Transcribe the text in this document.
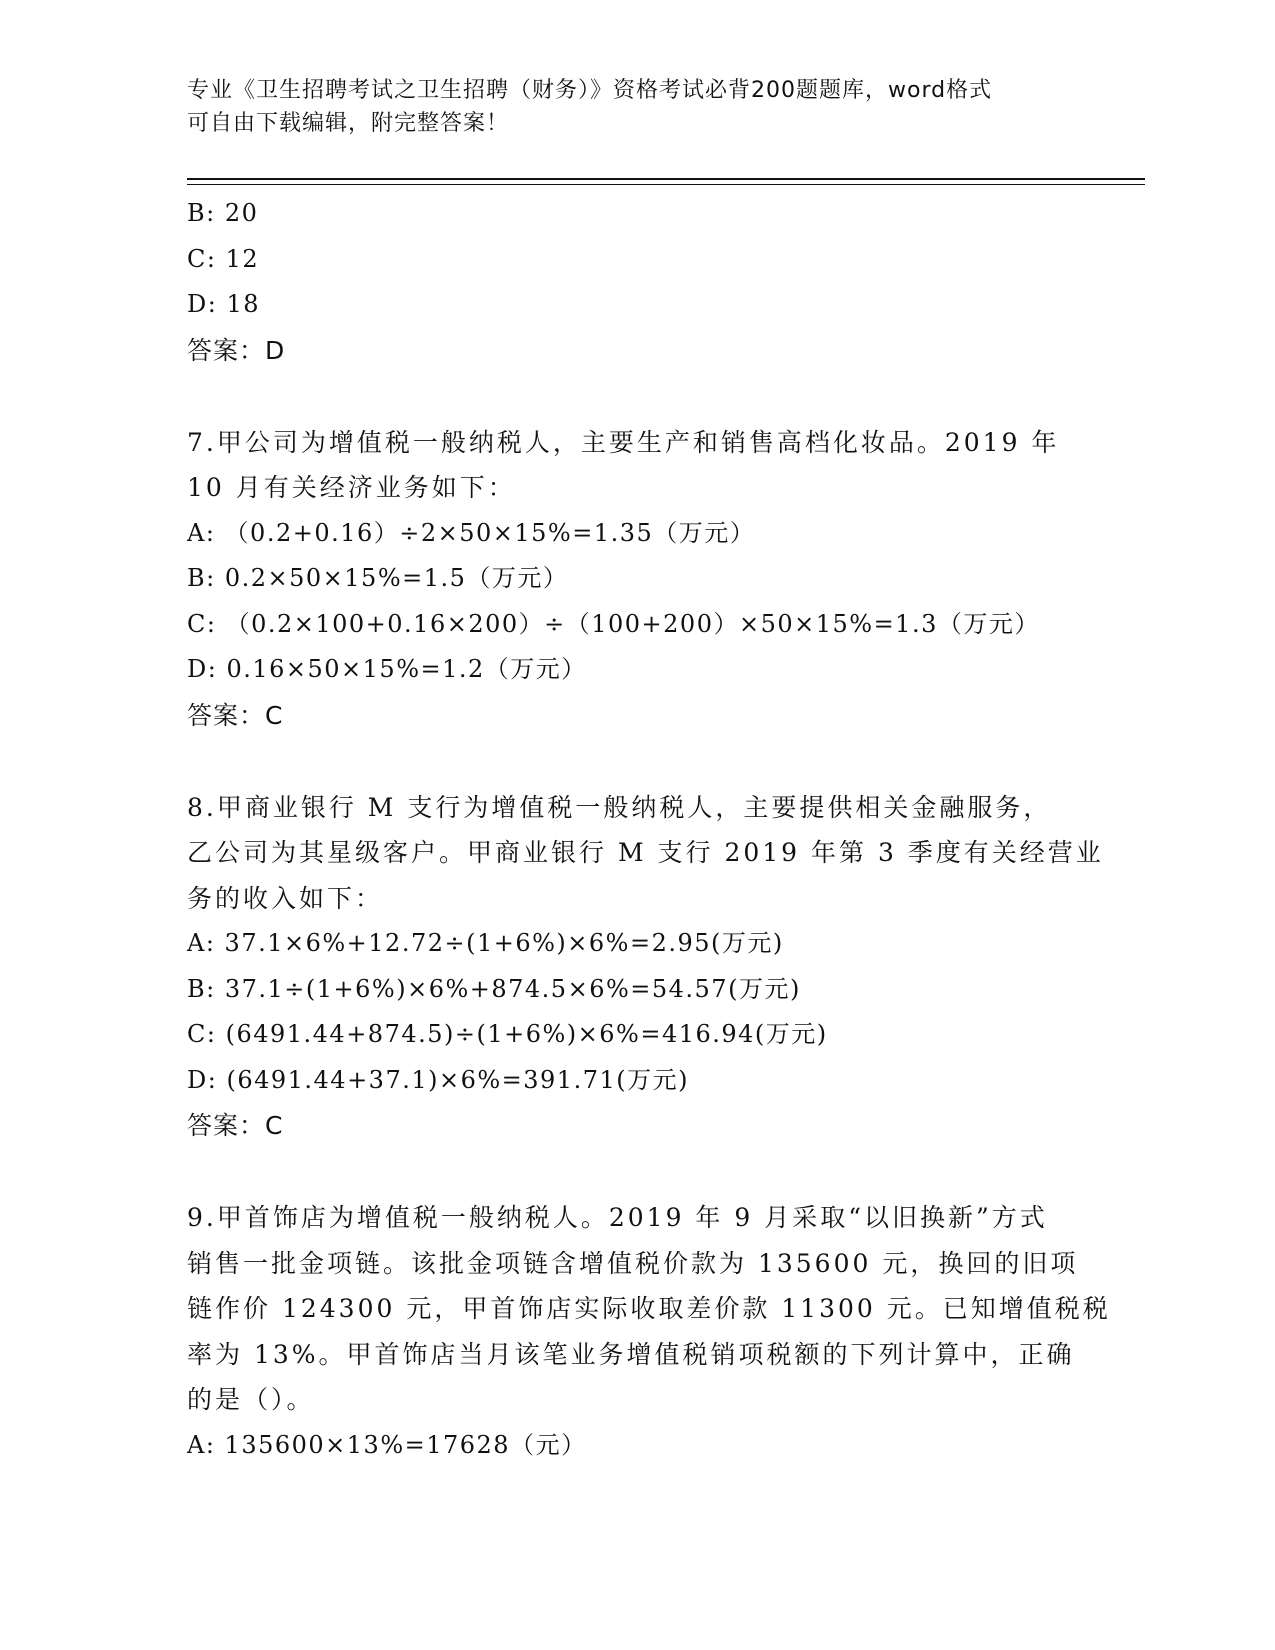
专业《卫生招聘考试之卫生招聘（财务）》资格考试必背200题题库，word格式
可自由下载编辑，附完整答案！
B: 20
C: 12
D: 18
答案：D
7.甲公司为增值税一般纳税人，主要生产和销售高档化妆品。2019 年
10 月有关经济业务如下：
A: （0.2+0.16）÷2×50×15%=1.35（万元）
B: 0.2×50×15%=1.5（万元）
C: （0.2×100+0.16×200）÷（100+200）×50×15%=1.3（万元）
D: 0.16×50×15%=1.2（万元）
答案：C
8.甲商业银行 M 支行为增值税一般纳税人，主要提供相关金融服务，
乙公司为其星级客户。甲商业银行 M 支行 2019 年第 3 季度有关经营业
务的收入如下：
A: 37.1×6%+12.72÷(1+6%)×6%=2.95(万元)
B: 37.1÷(1+6%)×6%+874.5×6%=54.57(万元)
C: (6491.44+874.5)÷(1+6%)×6%=416.94(万元)
D: (6491.44+37.1)×6%=391.71(万元)
答案：C
9.甲首饰店为增值税一般纳税人。2019 年 9 月采取“以旧换新”方式
销售一批金项链。该批金项链含增值税价款为 135600 元，换回的旧项
链作价 124300 元，甲首饰店实际收取差价款 11300 元。已知增值税税
率为 13%。甲首饰店当月该笔业务增值税销项税额的下列计算中，正确
的是（）。
A: 135600×13%=17628（元）
